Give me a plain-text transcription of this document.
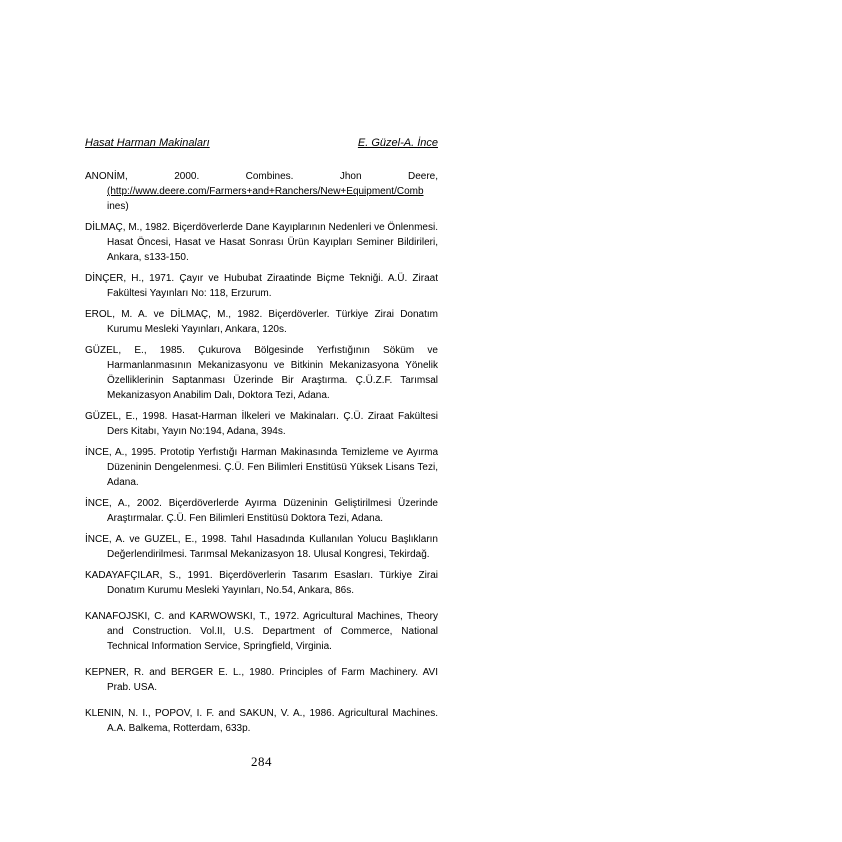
Hasat Harman Makinaları	E. Güzel-A. İnce

ANONİM, 2000. Combines. Jhon Deere, (http://www.deere.com/Farmers+and+Ranchers/New+Equipment/Comb
ines)

DİLMAÇ, M., 1982. Biçerdöverlerde Dane Kayıplarının Nedenleri ve Önlenmesi. Hasat Öncesi, Hasat ve Hasat Sonrası Ürün Kayıpları Seminer Bildirileri, Ankara, s133-150.

DİNÇER, H., 1971. Çayır ve Hububat Ziraatinde Biçme Tekniği. A.Ü. Ziraat Fakültesi Yayınları No: 118, Erzurum.

EROL, M. A. ve DİLMAÇ, M., 1982. Biçerdöverler. Türkiye Zirai Donatım Kurumu Mesleki Yayınları, Ankara, 120s.

GÜZEL, E., 1985. Çukurova Bölgesinde Yerfıstığının Söküm ve Harmanlanmasının Mekanizasyonu ve Bitkinin Mekanizasyona Yönelik Özelliklerinin Saptanması Üzerinde Bir Araştırma. Ç.Ü.Z.F. Tarımsal Mekanizasyon Anabilim Dalı, Doktora Tezi, Adana.

GÜZEL, E., 1998. Hasat-Harman İlkeleri ve Makinaları. Ç.Ü. Ziraat Fakültesi Ders Kitabı, Yayın No:194, Adana, 394s.

İNCE, A., 1995. Prototip Yerfıstığı Harman Makinasında Temizleme ve Ayırma Düzeninin Dengelenmesi. Ç.Ü. Fen Bilimleri Enstitüsü Yüksek Lisans Tezi, Adana.

İNCE, A., 2002. Biçerdöverlerde Ayırma Düzeninin Geliştirilmesi Üzerinde Araştırmalar. Ç.Ü. Fen Bilimleri Enstitüsü Doktora Tezi, Adana.

İNCE, A. ve GUZEL, E., 1998. Tahıl Hasadında Kullanılan Yolucu Başlıkların Değerlendirilmesi. Tarımsal Mekanizasyon 18. Ulusal Kongresi, Tekirdağ.

KADAYAFÇILAR, S., 1991. Biçerdöverlerin Tasarım Esasları. Türkiye Zirai Donatım Kurumu Mesleki Yayınları, No.54, Ankara, 86s.

KANAFOJSKI, C. and KARWOWSKI, T., 1972. Agricultural Machines, Theory and Construction. Vol.II, U.S. Department of Commerce, National Technical Information Service, Springfield, Virginia.

KEPNER, R. and BERGER E. L., 1980. Principles of Farm Machinery. AVI Prab. USA.

KLENIN, N. I., POPOV, I. F. and SAKUN, V. A., 1986. Agricultural Machines. A.A. Balkema, Rotterdam, 633p.

284
